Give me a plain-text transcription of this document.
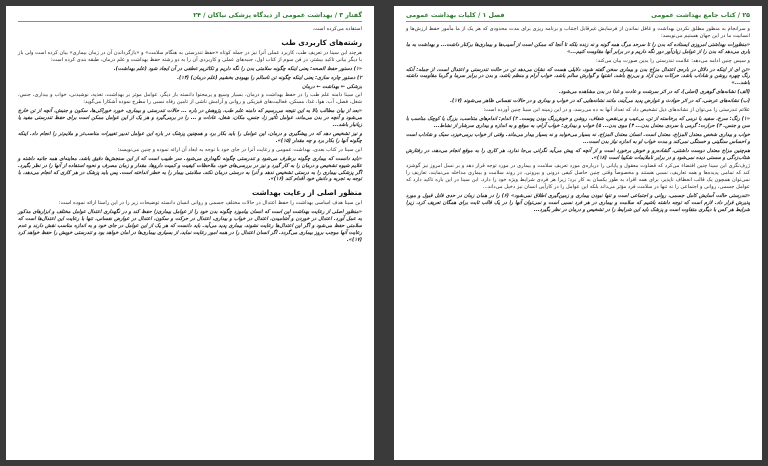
گفتار ۳ / بهداشت عمومی از دیدگاه پزشکی نیاکان / ۲۴

استفاده می‌کرده است.

رشته‌های کاربردی طب

هرچند ابن سینا در تعریف طب، کاربرد عملی آنرا نیز در جمله کوتاه «حفظ تندرستی به هنگام سلامت» و «بازگرداندن آن در زمان بیماری» بیان کرده است ولی باز با دیگر بیانی تاکید بیشتر، در فن سوم از کتاب اول، جنبه‌های عملی و کاربردی آن را به دو رشته حفظ بهداشت و علم درمان، طبقه بندی کرده است:

«۱) دستور حفظ الصحه: یعنی اینکه چگونه سلامتی بدن را نگه داریم و تکاثریم عطفی در آن ایجاد شود (علم بهداشت).

۲) دستور چاره سازی: یعنی اینکه چگونه تن ناسالم را بهبودی بخشیم (علم درمان) (۱۴).

بزشکی ⇐ بهداشت ← درمان

ابن سینا دامنه علم طب را در حفظ بهداشت و درمان، بسیار وسیع و پرمحتوا دانسته باز دیگر، عوامل موثر بر بهداشت، تغذیه، نوشیدنی، خواب و بیداری، جنس، شغل، فصل، آب، هوا، غذا، مسکن، فعالیت‌های فیزیکی و روانی و آرامش ناشی از تامین رفاه نسبی را مطرح نموده آشکارا می‌گوید:

«بعد از بیان مطالب بالا به این نتیجه می‌رسیم که دامنه علم طب، پژوهش در باره ... حالات تندرستی و بیماری، خورد خوراکی‌ها، سکون و جنبش، آنچه از تن خارج می‌شود و آنچه در بدن می‌ماند، عوامل تأثیر زا، جنس، مکان، شغل، عادات و ... را در برمی‌گیرد و هر یک از این عوامل ممکن است برای حفظ تندرستی مفید یا زیانبار باشد...

و نیز تشخیص دهد که در پیشگیری و درمان، این عوامل را باید بکار برد و همچنین پزشک در باره این عوامل تدبیر تغییرات مناسب‌تر و ملایم‌تر را انجام داد. اینکه چگونه آنها را بکار برد و چه مقدار (۱۵)».

ابن سینا در کتاب بعدی، بهداشت عمومی و رعایت آنرا در جای خود با توجه به ابعاد آن ارائه نموده و چنین می‌نویسد:

«باید دانست که بیماری چگونه برطرف می‌شود و تندرستی چگونه نگهداری می‌شود. سر طبیب است که از این سنجش‌ها دقیق باشد، معاینه‌ای همه جانبه داشته و علایم شیوه تشخیص و درمان را به کار گیرد و نیز در بررسی‌های خود، ملاحظات کیفیت و کمیت داروها، مقدار و زمان مصرف و نحوه استفاده از آنها را در نظر بگیرد. اگر پزشکی بیماری را به درستی تشخیص ندهد و آنرا به درستی درمان نکند، سلامتی بیمار را به خطر انداخته است. پس باید پزشک در هر کاری که انجام می‌دهد، با توجه به تجربه و دانش خود اقدام کند (۱۶)».

منظور اصلی از رعایت بهداشت

ابن سینا هدف اساسی بهداشت را حفظ اعتدال در حالات مختلف جسمی و روانی انسان دانسته توضیحات زیر را در این راستا ارائه نموده است:

«منظور اصلی از رعایت بهداشت این است که انسان بیاموزد چگونه بدن خود را از عوامل بیماری‌زا حفظ کند و در نگهداری اعتدال عوامل مختلف و ابزارهای مذکور به عمل آورد. اعتدال در خوردن و آشامیدن، اعتدال در خواب و بیداری، اعتدال در حرکت و سکون، اعتدال در عوارض نفسانی، تنها با رعایت این اعتدال‌ها است که سلامتی حفظ می‌شود و اگر این اعتدال‌ها رعایت نشوند، بیماری پدید می‌آید. باید دانست که هر یک از این عوامل در جای خود و به اندازه مناسب نقش دارند و عدم رعایت آنها موجب بروز بیماری می‌گردد. اگر انسان اعتدال را در همه امور رعایت نماید، از بسیاری بیماری‌ها در امان خواهد بود و تندرستی خویش را حفظ خواهد کرد (۱۷)».

۲۵ / کتاب جامع بهداشت عمومی
فصل ۱ / کلیات بهداشت عمومی

و سرانجام به منظور مطلق نکردن بهداشت و غافل نماندن از فرسایش غیرقابل اجتناب و برنامه ریزی برای مدت محدودی که هر یک از ما مأمور حفظ ارزش‌ها و انسانیت ما در این جهان هستیم می‌نویسد:

«منظورات بهداشتی امروزی ایستاده که بدن را تا سرحد مرگ همه گونه و نه زنده بلکه تا آنجا که ممکن است از آسیب‌ها و بیماری‌ها برکنار داشت... و بهداشت به ما یاری می‌دهد که بدن را از عوامل زیان‌آور دور نگه داریم و در برابر آنها مقاومت کنیم...»

و سپس چنین ادامه می‌دهد: علامت تندرستی را بدین صورت بیان می‌کند:

«تن ای از اینکه در دلائل در باره‌ی اعتدال مزاج بدن و بیماری سخن گفته شود، دلایلی هست که نشان می‌دهد تن در حالت تندرستی و اعتدال است، از جمله: آنکه رنگ چهره روشن و شاداب باشد، حرکات بدن آزاد و بی‌رنج باشد، اشتها و گوارش سالم باشد، خواب آرام و منظم باشد، و بدن در برابر سرما و گرما مقاومت داشته باشد...»

(الف) نشانه‌های گوهری (اصلی)، که در اثر سرشت و عادت و غذا در بدن مشاهده می‌شود.

(ب) نشانه‌های عرضی، که در اثر حوادث و عوارض پدید می‌آیند، مانند نشانه‌هایی که در خواب و بیداری و در حالات نفسانی ظاهر می‌شوند (۱۷).

علائم تندرستی را می‌توان از نشانه‌های ذیل تشخیص داد که تعداد آنها به ده می‌رسد، و در این زمینه ابن سینا چنین آورده است:

«۱) رنگ: سرخ، سفید یا نرمی که برخاسته از تن، بی‌عیب و بی‌نقص، شفاف، روشن و خوش‌رنگ بودن پوست. ۲) اندام: اندام‌های متناسب، بزرگ یا کوچک مناسب با سن و جنس. ۳) حرارت: گرمی یا سردی معتدل بدن... ۴) موی بدن... ۵) خواب و بیداری: خواب آرام، به موقع و به اندازه و بیداری سرشار از نشاط...

خواب و بیداری شخص معتدل المزاج، معتدل است. انسان معتدل المزاج، نه بسیار می‌خوابد و نه بسیار بیدار می‌ماند. وقتی از خواب برمی‌خیزد، سبک و شاداب است و احساس سنگینی و خستگی نمی‌کند و مدت خواب او به اندازه نیاز بدن است...

هم‌چنین مزاج معتدل دوست داشتنی، گشاده‌رو و خوش برخورد است و از آنچه که پیش می‌آید نگرانی بی‌جا ندارد، هر کاری را به موقع انجام می‌دهد، در رفتارش شتاب‌زدگی و سستی دیده نمی‌شود و در برابر ناملایمات شکیبا است (۱۸)».

ژرف‌نگری ابن سینا چنین اقتضاء می‌کرد که قضاوت معقول و پایانی را درباره‌ی مورد تعریف سلامت و بیماری در مورد توجه قرار دهد و بر نسل امروز نیز گوشزد کند که تمامی پدیده‌ها و همه تعاریف، نسبی هستند و مخصوصاً وقتی چنین حاصل کیفی درونی و بیرونی، در روند سلامت و بیماری مداخله می‌نمایند، تعاریف را نمی‌توان همچون یک قالب انعطاف ناپذیر، برای همه افراد به طور یکسان به کار برد؛ زیرا هر فردی شرایط ویژه خود را دارد. ابن سینا در این باره تاکید دارد که عوامل جسمی، روانی و اجتماعی را نه تنها در سلامت فرد مؤثر می‌داند بلکه این عوامل را در کارآیی انسان نیز دخیل می‌داند...

«تندرستی حالت آسایش کامل جسمی، روانی و اجتماعی است و تنها نبودن بیماری و زمین‌گیری اطلاق نمی‌شود» (۶) را در همان زمان در حدی قابل قبول و مورد پذیرش قرار داد. لازم است که توجه داشته باشیم که سلامت و بیماری در هر فرد نسبی است و نمی‌توان آنها را در یک قالب ثابت برای همگان تعریف کرد، زیرا شرایط هر کس با دیگری متفاوت است و پزشک باید این شرایط را در تشخیص و درمان در نظر بگیرد...
